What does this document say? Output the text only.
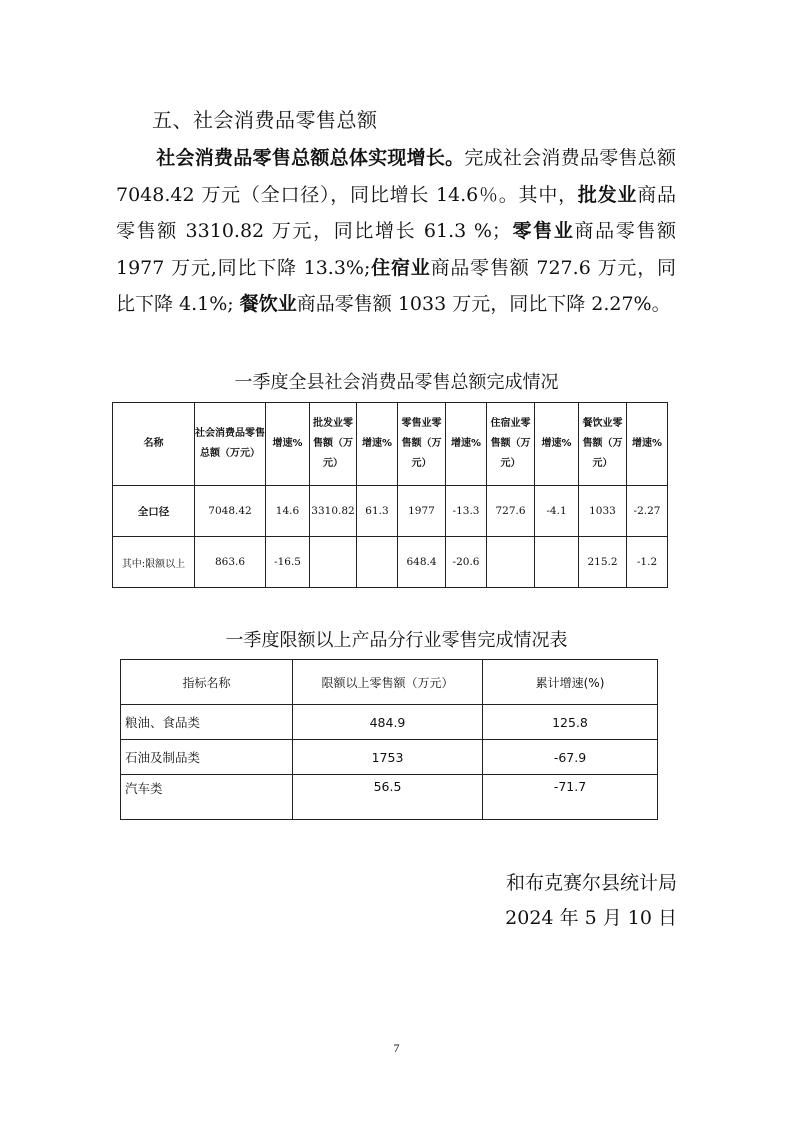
五、社会消费品零售总额
社会消费品零售总额总体实现增长。完成社会消费品零售总额 7048.42 万元（全口径），同比增长 14.6％。其中，批发业商品零售额 3310.82 万元，同比增长 61.3 %；零售业商品零售额 1977 万元,同比下降 13.3%;住宿业商品零售额 727.6 万元，同比下降 4.1%; 餐饮业商品零售额 1033 万元，同比下降 2.27%。
一季度全县社会消费品零售总额完成情况
名称	社会消费品零售总额（万元）	增速%	批发业零售额（万元）	增速%	零售业零售额（万元）	增速%	住宿业零售额（万元）	增速%	餐饮业零售额（万元）	增速%
全口径	7048.42	14.6	3310.82	61.3	1977	-13.3	727.6	-4.1	1033	-2.27
其中:限额以上	863.6	-16.5			648.4	-20.6			215.2	-1.2
一季度限额以上产品分行业零售完成情况表
指标名称	限额以上零售额（万元）	累计增速(%)
粮油、食品类	484.9	125.8
石油及制品类	1753	-67.9
汽车类	56.5	-71.7
和布克赛尔县统计局
2024 年 5 月 10 日
7
